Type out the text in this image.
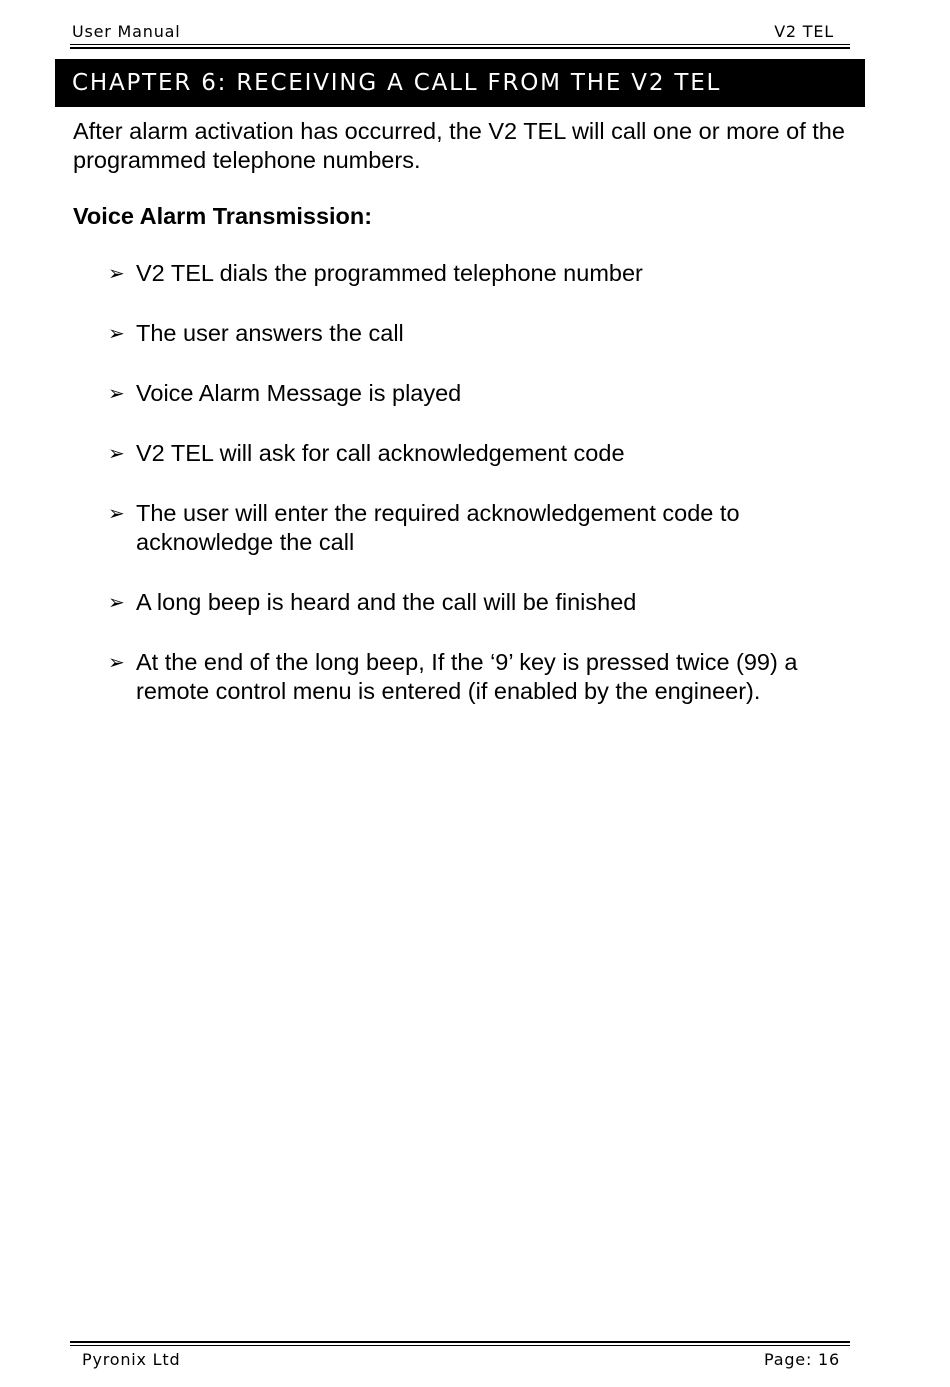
User Manual	V2 TEL
CHAPTER 6: RECEIVING A CALL FROM THE V2 TEL

After alarm activation has occurred, the V2 TEL will call one or more of the programmed telephone numbers.

Voice Alarm Transmission:

➢ V2 TEL dials the programmed telephone number
➢ The user answers the call
➢ Voice Alarm Message is played
➢ V2 TEL will ask for call acknowledgement code
➢ The user will enter the required acknowledgement code to acknowledge the call
➢ A long beep is heard and the call will be finished
➢ At the end of the long beep, If the ‘9’ key is pressed twice (99) a remote control menu is entered (if enabled by the engineer).
Pyronix Ltd	Page: 16
